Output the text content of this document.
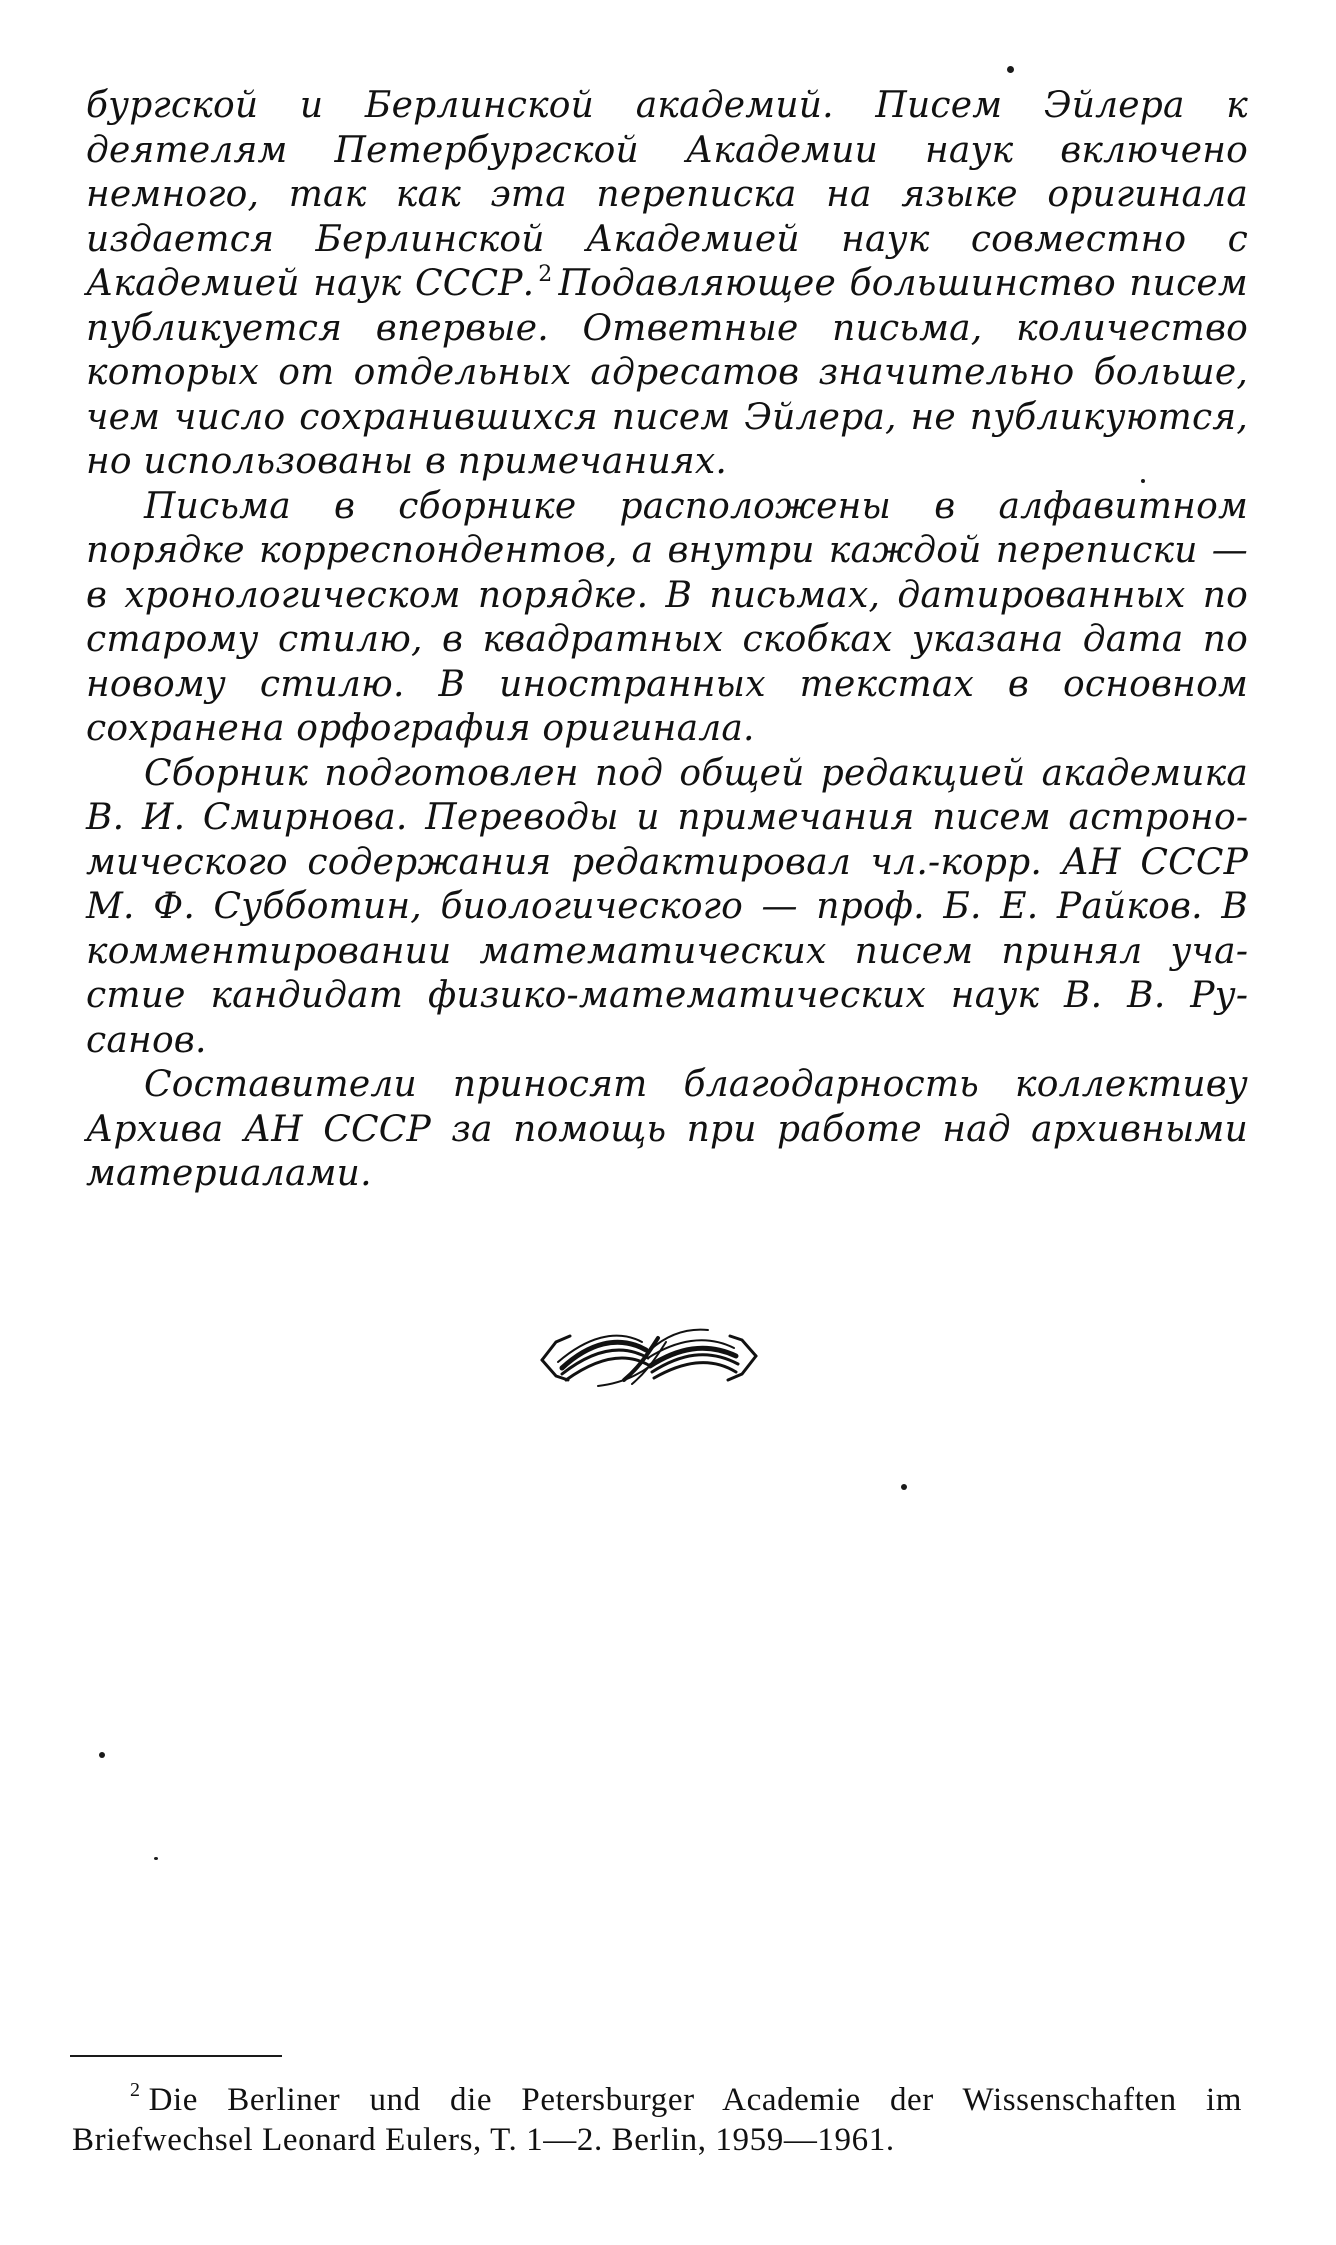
бургской и Берлинской академий. Писем Эйлера к деятелям Петербургской Академии наук включено немного, так как эта переписка на языке оригинала издается Берлинской Академией наук совместно с Академией наук СССР. $^2$ Подавляющее большинство писем публикуется впервые. Ответные письма, количество которых от отдельных адресатов значительно больше, чем число сохранившихся писем Эйлера, не публикуются, но использованы в примечаниях.

Письма в сборнике расположены в алфавитном порядке корреспондентов, а внутри каждой переписки — в хронологическом порядке. В письмах, датированных по старому стилю, в квадратных скобках указана дата по новому стилю. В иностранных текстах в основном сохранена орфография оригинала.

Сборник подготовлен под общей редакцией академика В. И. Смирнова. Переводы и примечания писем астрономического содержания редактировал чл.-корр. АН СССР М. Ф. Субботин, биологического — проф. Б. Е. Райков. В комментировании математических писем принял участие кандидат физико-математических наук В. В. Русанов.

Составители приносят благодарность коллективу Архива АН СССР за помощь при работе над архивными материалами.

$^2$ Die Berliner und die Petersburger Academie der Wissenschaften im Briefwechsel Leonard Eulers, T. 1—2. Berlin, 1959—1961.
